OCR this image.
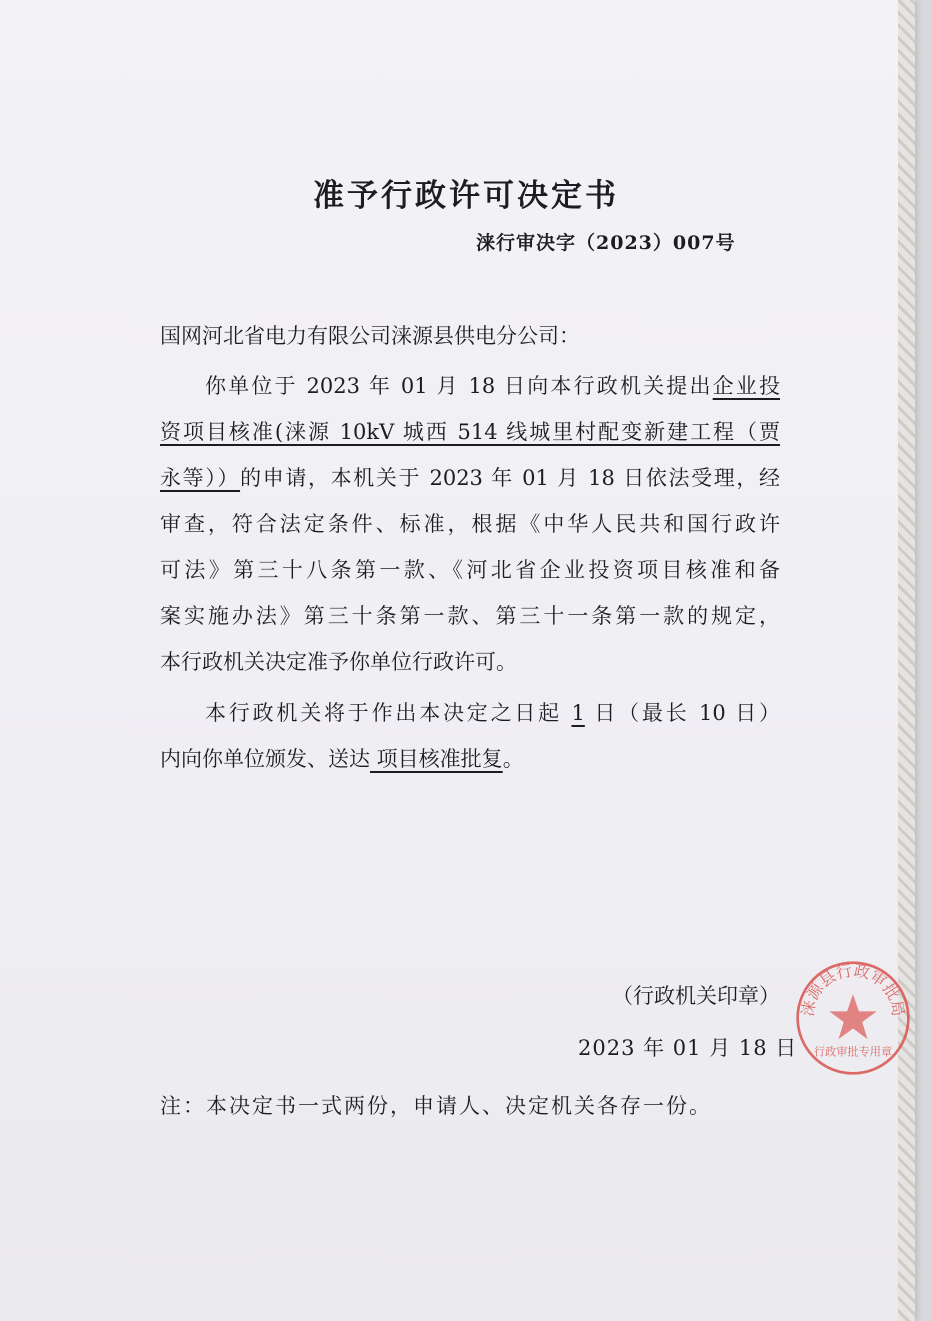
准予行政许可决定书
涞行审决字（2023）007号
国网河北省电力有限公司涞源县供电分公司：
你单位于 2023 年 01 月 18 日向本行政机关提出企业投
资项目核准(涞源 10kV 城西 514 线城里村配变新建工程（贾
永等））的申请，本机关于 2023 年 01 月 18 日依法受理，经
审查，符合法定条件、标准，根据《中华人民共和国行政许
可法》第三十八条第一款、《河北省企业投资项目核准和备
案实施办法》第三十条第一款、第三十一条第一款的规定，
本行政机关决定准予你单位行政许可。
本行政机关将于作出本决定之日起 1 日（最长 10 日）
内向你单位颁发、送达 项目核准批复。
（行政机关印章）
2023 年 01 月 18 日
注：本决定书一式两份，申请人、决定机关各存一份。
涞源县行政审批局
行政审批专用章
